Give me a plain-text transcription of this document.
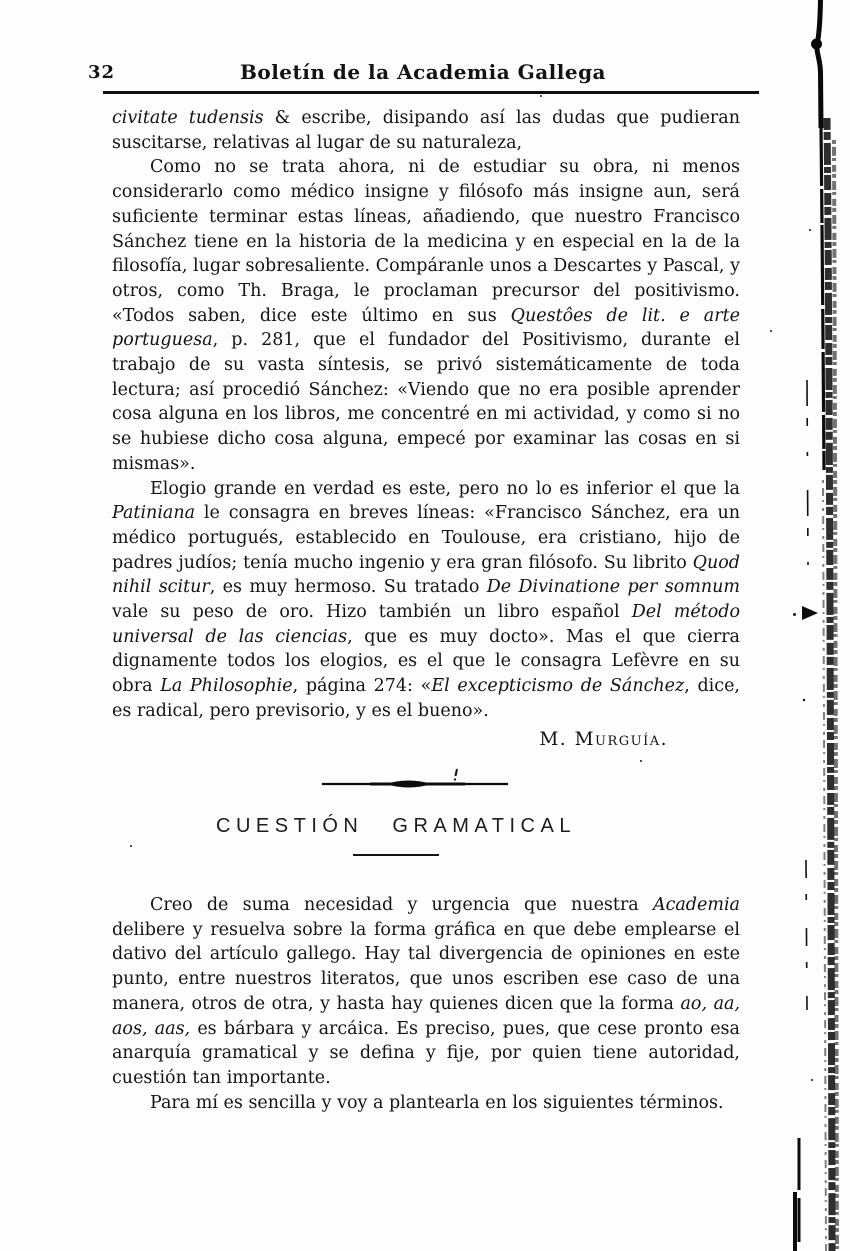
32	Boletín de la Academia Gallega

civitate tudensis & escribe, disipando así las dudas que pudieran suscitarse, relativas al lugar de su naturaleza,

Como no se trata ahora, ni de estudiar su obra, ni menos considerarlo como médico insigne y filósofo más insigne aun, será suficiente terminar estas líneas, añadiendo, que nuestro Francisco Sánchez tiene en la historia de la medicina y en especial en la de la filosofía, lugar sobresaliente. Compáranle unos a Descartes y Pascal, y otros, como Th. Braga, le proclaman precursor del positivismo. «Todos saben, dice este último en sus Questôes de lit. e arte portuguesa, p. 281, que el fundador del Positivismo, durante el trabajo de su vasta síntesis, se privó sistemáticamente de toda lectura; así procedió Sánchez: «Viendo que no era posible aprender cosa alguna en los libros, me concentré en mi actividad, y como si no se hubiese dicho cosa alguna, empecé por examinar las cosas en si mismas».

Elogio grande en verdad es este, pero no lo es inferior el que la Patiniana le consagra en breves líneas: «Francisco Sánchez, era un médico portugués, establecido en Toulouse, era cristiano, hijo de padres judíos; tenía mucho ingenio y era gran filósofo. Su librito Quod nihil scitur, es muy hermoso. Su tratado De Divinatione per somnum vale su peso de oro. Hizo también un libro español Del método universal de las ciencias, que es muy docto». Mas el que cierra dignamente todos los elogios, es el que le consagra Lefèvre en su obra La Philosophie, página 274: «El excepticismo de Sánchez, dice, es radical, pero previsorio, y es el bueno».

M. Murguía.
CUESTIÓN GRAMATICAL

Creo de suma necesidad y urgencia que nuestra Academia delibere y resuelva sobre la forma gráfica en que debe emplearse el dativo del artículo gallego. Hay tal divergencia de opiniones en este punto, entre nuestros literatos, que unos escriben ese caso de una manera, otros de otra, y hasta hay quienes dicen que la forma ao, aa, aos, aas, es bárbara y arcáica. Es preciso, pues, que cese pronto esa anarquía gramatical y se defina y fije, por quien tiene autoridad, cuestión tan importante.

Para mí es sencilla y voy a plantearla en los siguientes términos.
